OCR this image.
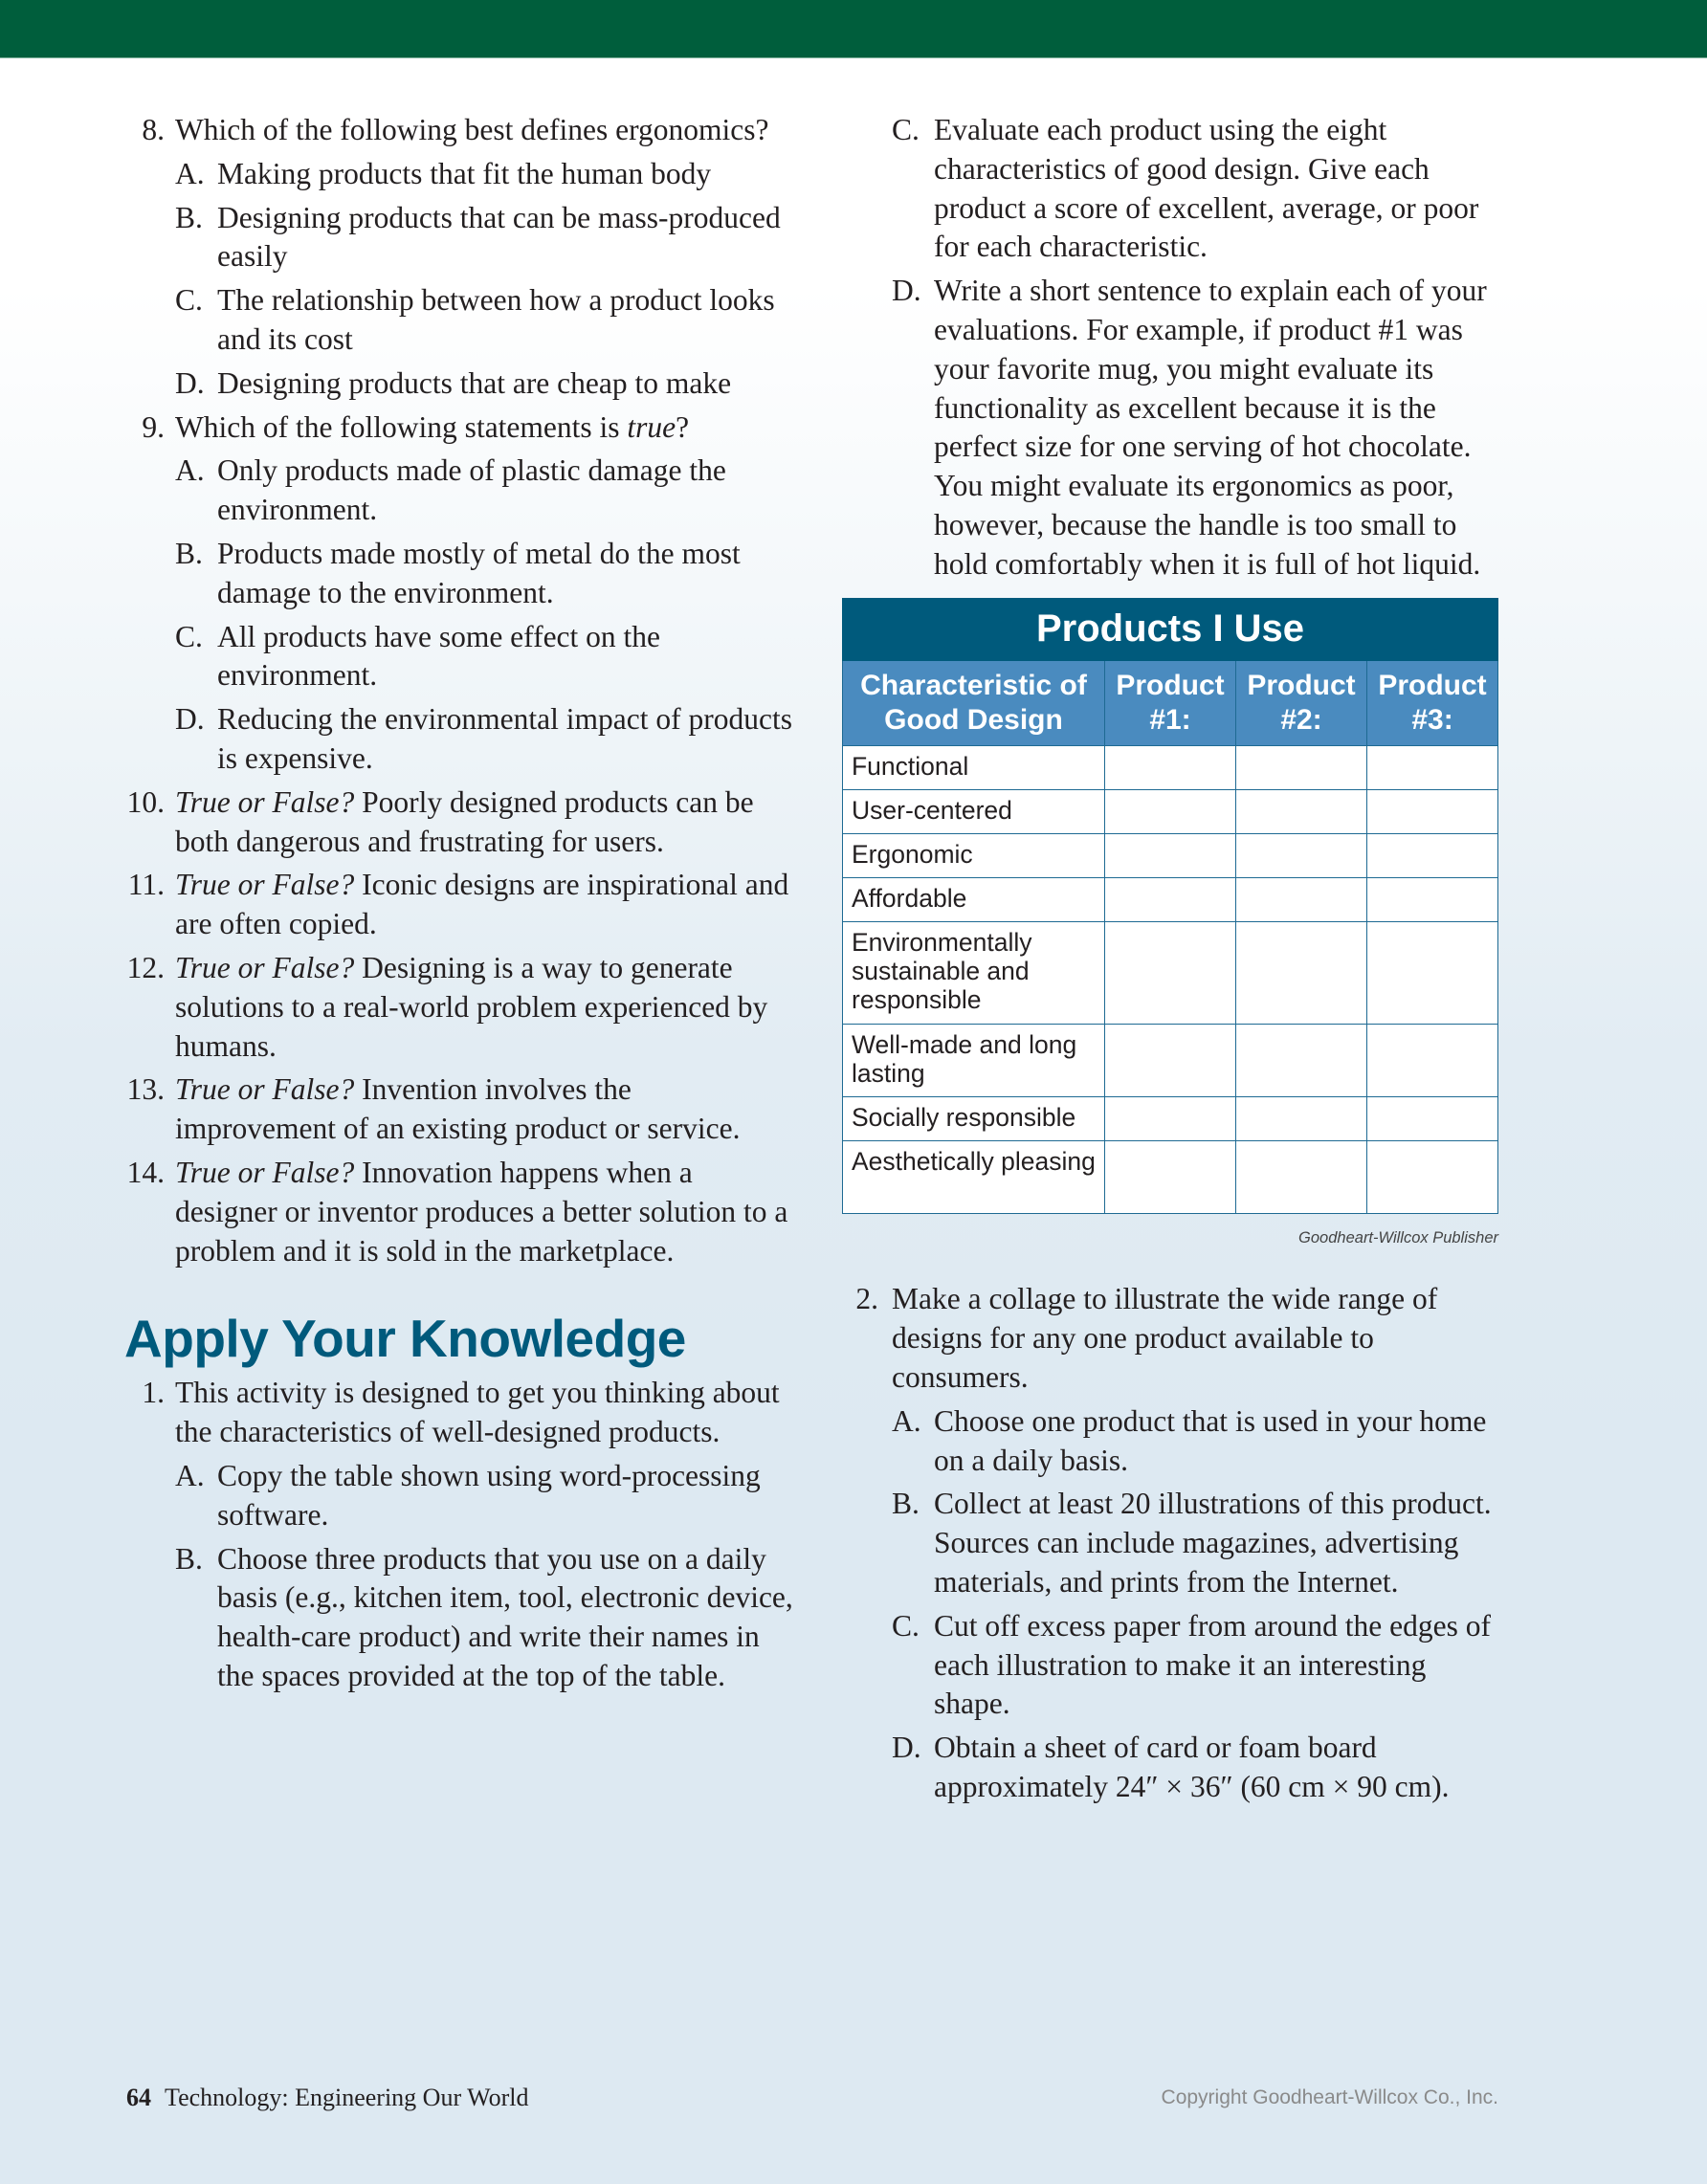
8. Which of the following best defines ergonomics?
A. Making products that fit the human body
B. Designing products that can be mass-produced easily
C. The relationship between how a product looks and its cost
D. Designing products that are cheap to make
9. Which of the following statements is true?
A. Only products made of plastic damage the environment.
B. Products made mostly of metal do the most damage to the environment.
C. All products have some effect on the environment.
D. Reducing the environmental impact of products is expensive.
10. True or False? Poorly designed products can be both dangerous and frustrating for users.
11. True or False? Iconic designs are inspirational and are often copied.
12. True or False? Designing is a way to generate solutions to a real-world problem experienced by humans.
13. True or False? Invention involves the improvement of an existing product or service.
14. True or False? Innovation happens when a designer or inventor produces a better solution to a problem and it is sold in the marketplace.
Apply Your Knowledge
1. This activity is designed to get you thinking about the characteristics of well-designed products.
A. Copy the table shown using word-processing software.
B. Choose three products that you use on a daily basis (e.g., kitchen item, tool, electronic device, health-care product) and write their names in the spaces provided at the top of the table.
C. Evaluate each product using the eight characteristics of good design. Give each product a score of excellent, average, or poor for each characteristic.
D. Write a short sentence to explain each of your evaluations. For example, if product #1 was your favorite mug, you might evaluate its functionality as excellent because it is the perfect size for one serving of hot chocolate. You might evaluate its ergonomics as poor, however, because the handle is too small to hold comfortably when it is full of hot liquid.
Products I Use			
Characteristic of Good Design	Product #1:	Product #2:	Product #3:
Functional			
User-centered			
Ergonomic			
Affordable			
Environmentally sustainable and responsible			
Well-made and long lasting			
Socially responsible			
Aesthetically pleasing			
Goodheart-Willcox Publisher
2. Make a collage to illustrate the wide range of designs for any one product available to consumers.
A. Choose one product that is used in your home on a daily basis.
B. Collect at least 20 illustrations of this product. Sources can include magazines, advertising materials, and prints from the Internet.
C. Cut off excess paper from around the edges of each illustration to make it an interesting shape.
D. Obtain a sheet of card or foam board approximately 24″ × 36″ (60 cm × 90 cm).
64 Technology: Engineering Our World	Copyright Goodheart-Willcox Co., Inc.
